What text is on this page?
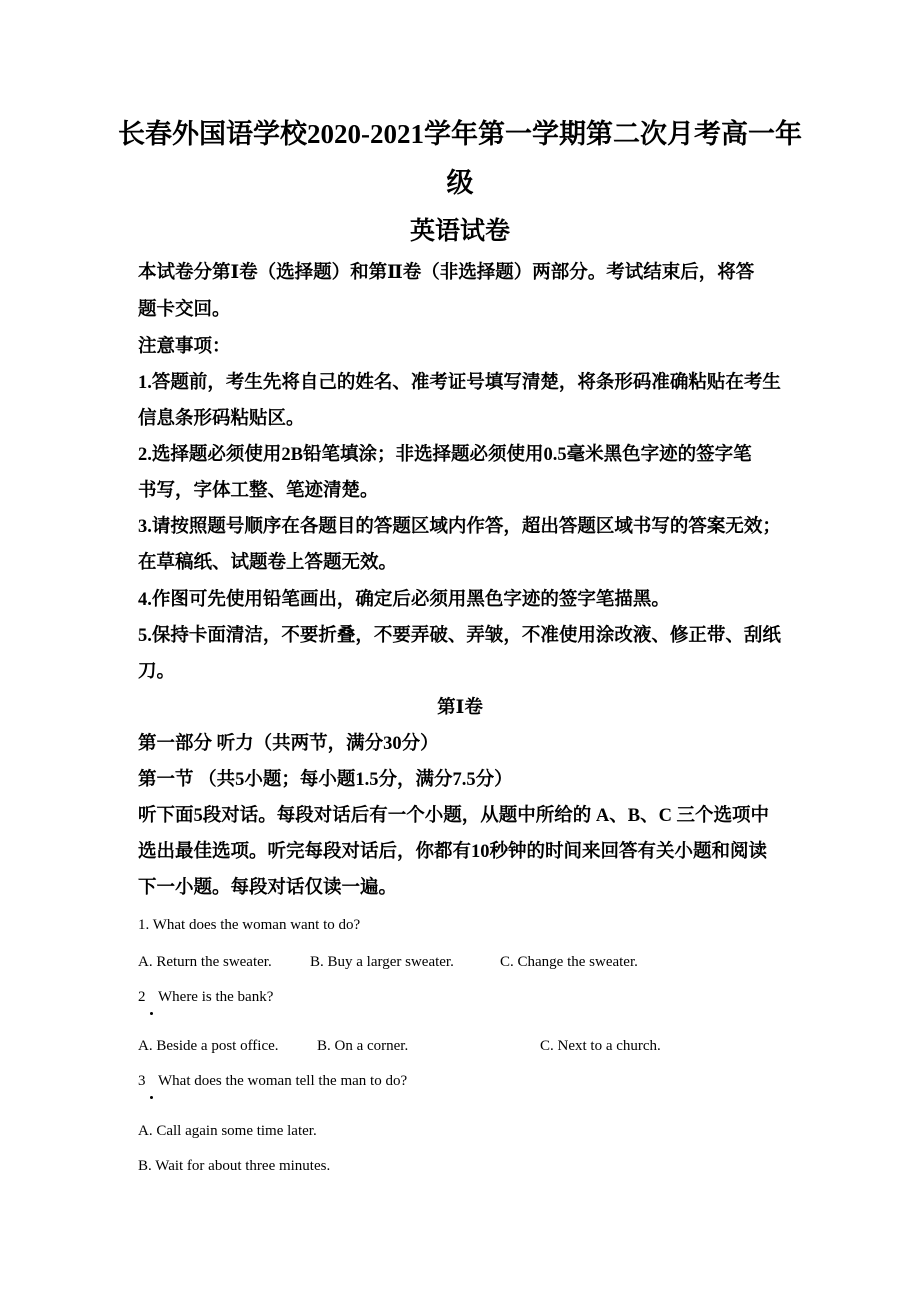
长春外国语学校2020-2021学年第一学期第二次月考高一年
级
英语试卷
本试卷分第Ⅰ卷（选择题）和第Ⅱ卷（非选择题）两部分。考试结束后，将答
题卡交回。
注意事项：
1.答题前，考生先将自己的姓名、准考证号填写清楚，将条形码准确粘贴在考生
信息条形码粘贴区。
2.选择题必须使用2B铅笔填涂；非选择题必须使用0.5毫米黑色字迹的签字笔
书写，字体工整、笔迹清楚。
3.请按照题号顺序在各题目的答题区域内作答，超出答题区域书写的答案无效；
在草稿纸、试题卷上答题无效。
4.作图可先使用铅笔画出，确定后必须用黑色字迹的签字笔描黑。
5.保持卡面清洁，不要折叠，不要弄破、弄皱，不准使用涂改液、修正带、刮纸
刀。
第Ⅰ卷
第一部分 听力（共两节，满分30分）
第一节 （共5小题；每小题1.5分，满分7.5分）
听下面5段对话。每段对话后有一个小题，从题中所给的 A、B、C 三个选项中
选出最佳选项。听完每段对话后，你都有10秒钟的时间来回答有关小题和阅读
下一小题。每段对话仅读一遍。
1. What does the woman want to do?
A. Return the sweater.	B. Buy a larger sweater.	C. Change the sweater.
2 Where is the bank?
A. Beside a post office.	B. On a corner.	C. Next to a church.
3 What does the woman tell the man to do?
A. Call again some time later.
B. Wait for about three minutes.
